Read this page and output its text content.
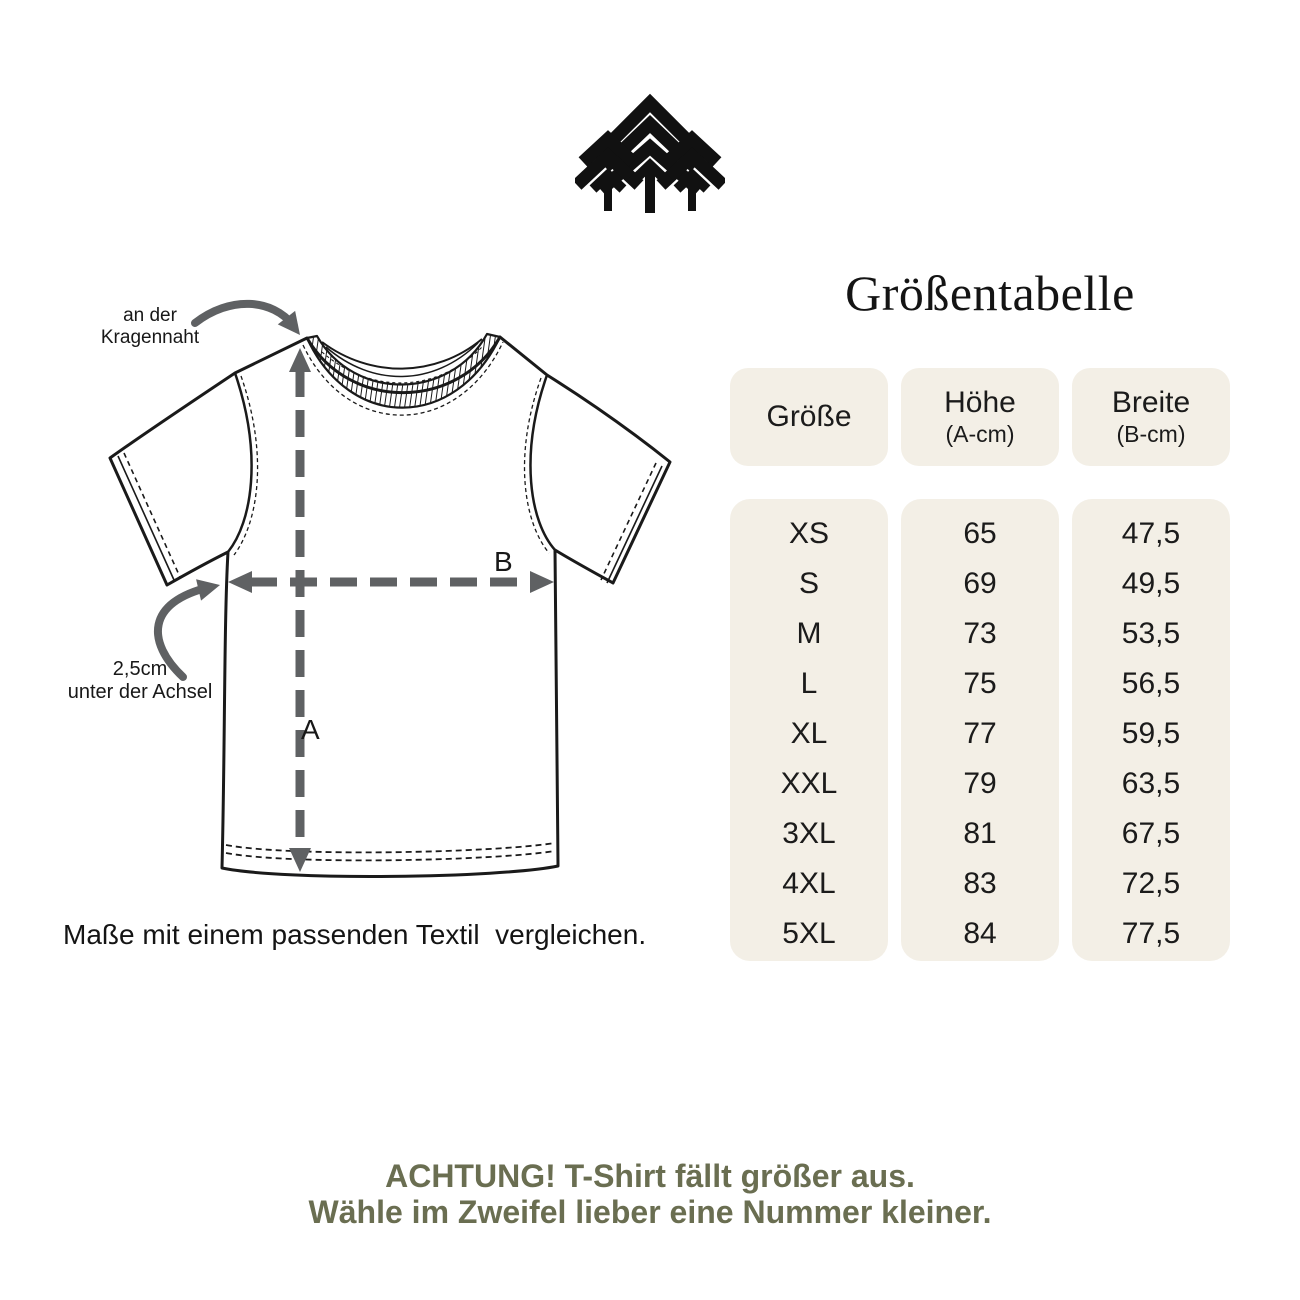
Größentabelle
an der
Kragennaht
2,5cm
unter der Achsel
A
B
Maße mit einem passenden Textil  vergleichen.
Größe	Höhe
(A-cm)
Breite
(B-cm)
XS
S
M
L
XL
XXL
3XL
4XL
5XL
65
69
73
75
77
79
81
83
84
47,5
49,5
53,5
56,5
59,5
63,5
67,5
72,5
77,5
ACHTUNG! T-Shirt fällt größer aus.
Wähle im Zweifel lieber eine Nummer kleiner.
